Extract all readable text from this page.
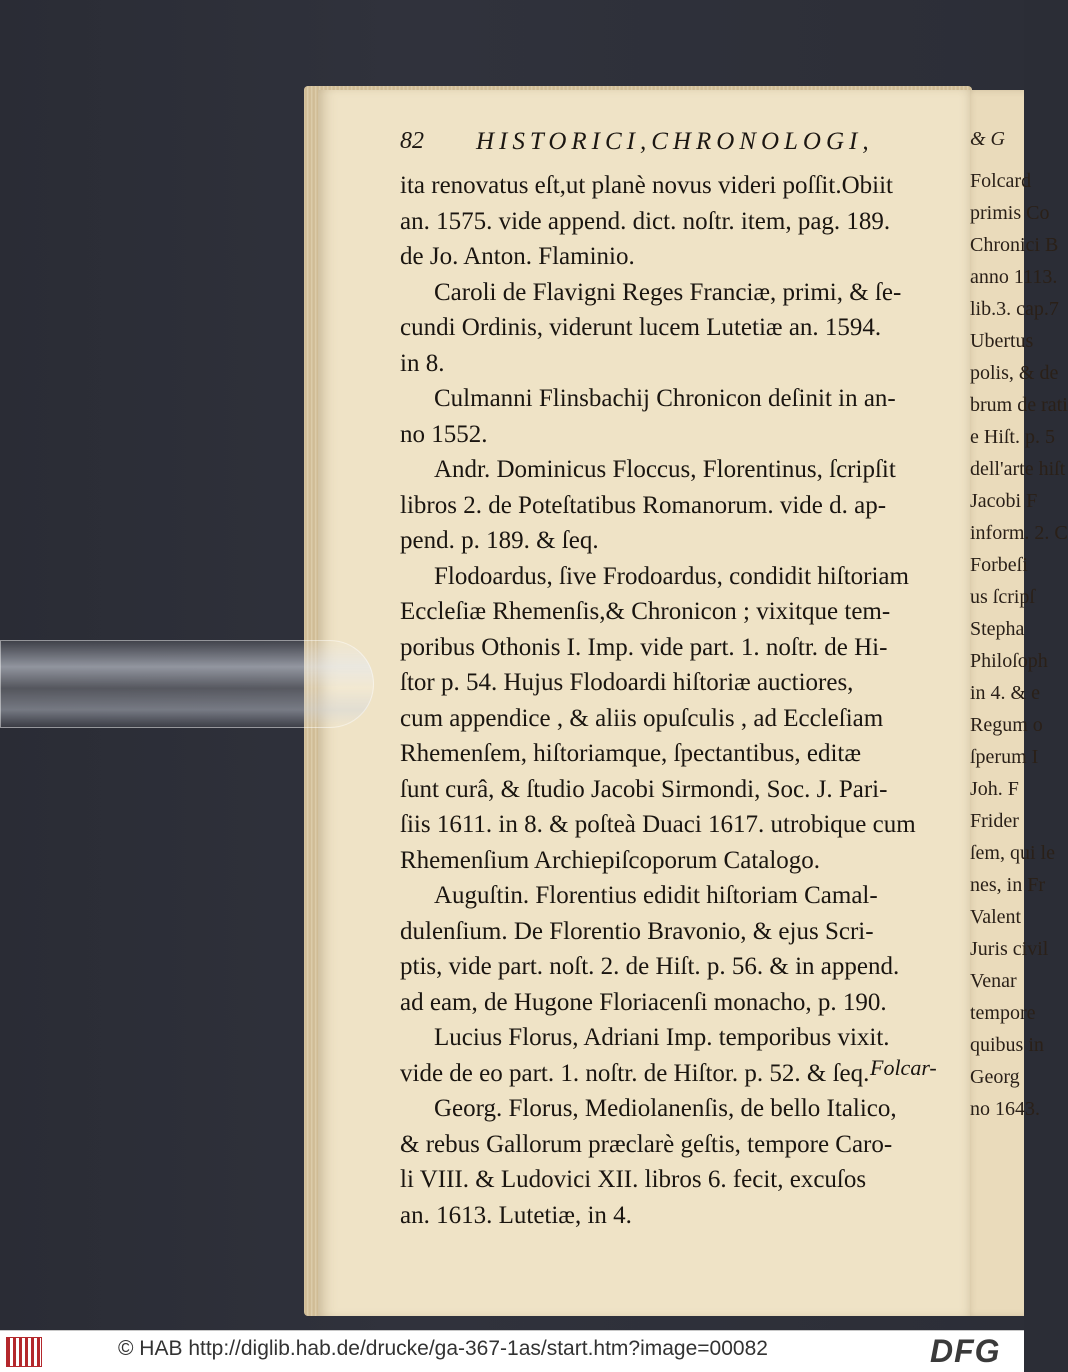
& G
Folcard
primis Co
Chronici B
anno 1113.
lib.3. cap.7
Ubertus
polis, & de
brum de rati
e Hiſt. p. 5
dell'arte hiſt
Jacobi F
inform. 2. C
Forbeſi
us ſcripſ
Stepha
Philoſoph
in 4. & e
Regum o
ſperum I
Joh. F
Frider
ſem, qui le
nes, in Fr
Valent
Juris civil
Venar
tempore
quibus in
Georg
no 1643.
82 HISTORICI,CHRONOLOGI,
ita renovatus eſt,ut planè novus videri poſſit.Obiit
an. 1575. vide append. dict. noſtr. item, pag. 189.
de Jo. Anton. Flaminio.
Caroli de Flavigni Reges Franciæ, primi, & ſe-
cundi Ordinis, viderunt lucem Lutetiæ an. 1594.
in 8.
Culmanni Flinsbachij Chronicon deſinit in an-
no 1552.
Andr. Dominicus Floccus, Florentinus, ſcripſit
libros 2. de Poteſtatibus Romanorum. vide d. ap-
pend. p. 189. & ſeq.
Flodoardus, ſive Frodoardus, condidit hiſtoriam
Eccleſiæ Rhemenſis,& Chronicon ; vixitque tem-
poribus Othonis I. Imp. vide part. 1. noſtr. de Hi-
ſtor p. 54. Hujus Flodoardi hiſtoriæ auctiores,
cum appendice , & aliis opuſculis , ad Eccleſiam
Rhemenſem, hiſtoriamque, ſpectantibus, editæ
ſunt curâ, & ſtudio Jacobi Sirmondi, Soc. J. Pari-
ſiis 1611. in 8. & poſteà Duaci 1617. utrobique cum
Rhemenſium Archiepiſcoporum Catalogo.
Auguſtin. Florentius edidit hiſtoriam Camal-
dulenſium. De Florentio Bravonio, & ejus Scri-
ptis, vide part. noſt. 2. de Hiſt. p. 56. & in append.
ad eam, de Hugone Floriacenſi monacho, p. 190.
Lucius Florus, Adriani Imp. temporibus vixit.
vide de eo part. 1. noſtr. de Hiſtor. p. 52. & ſeq.
Georg. Florus, Mediolanenſis, de bello Italico,
& rebus Gallorum præclarè geſtis, tempore Caro-
li VIII. & Ludovici XII. libros 6. fecit, excuſos
an. 1613. Lutetiæ, in 4.
Folcar-
© HAB http://diglib.hab.de/drucke/ga-367-1as/start.htm?image=00082	DFG
